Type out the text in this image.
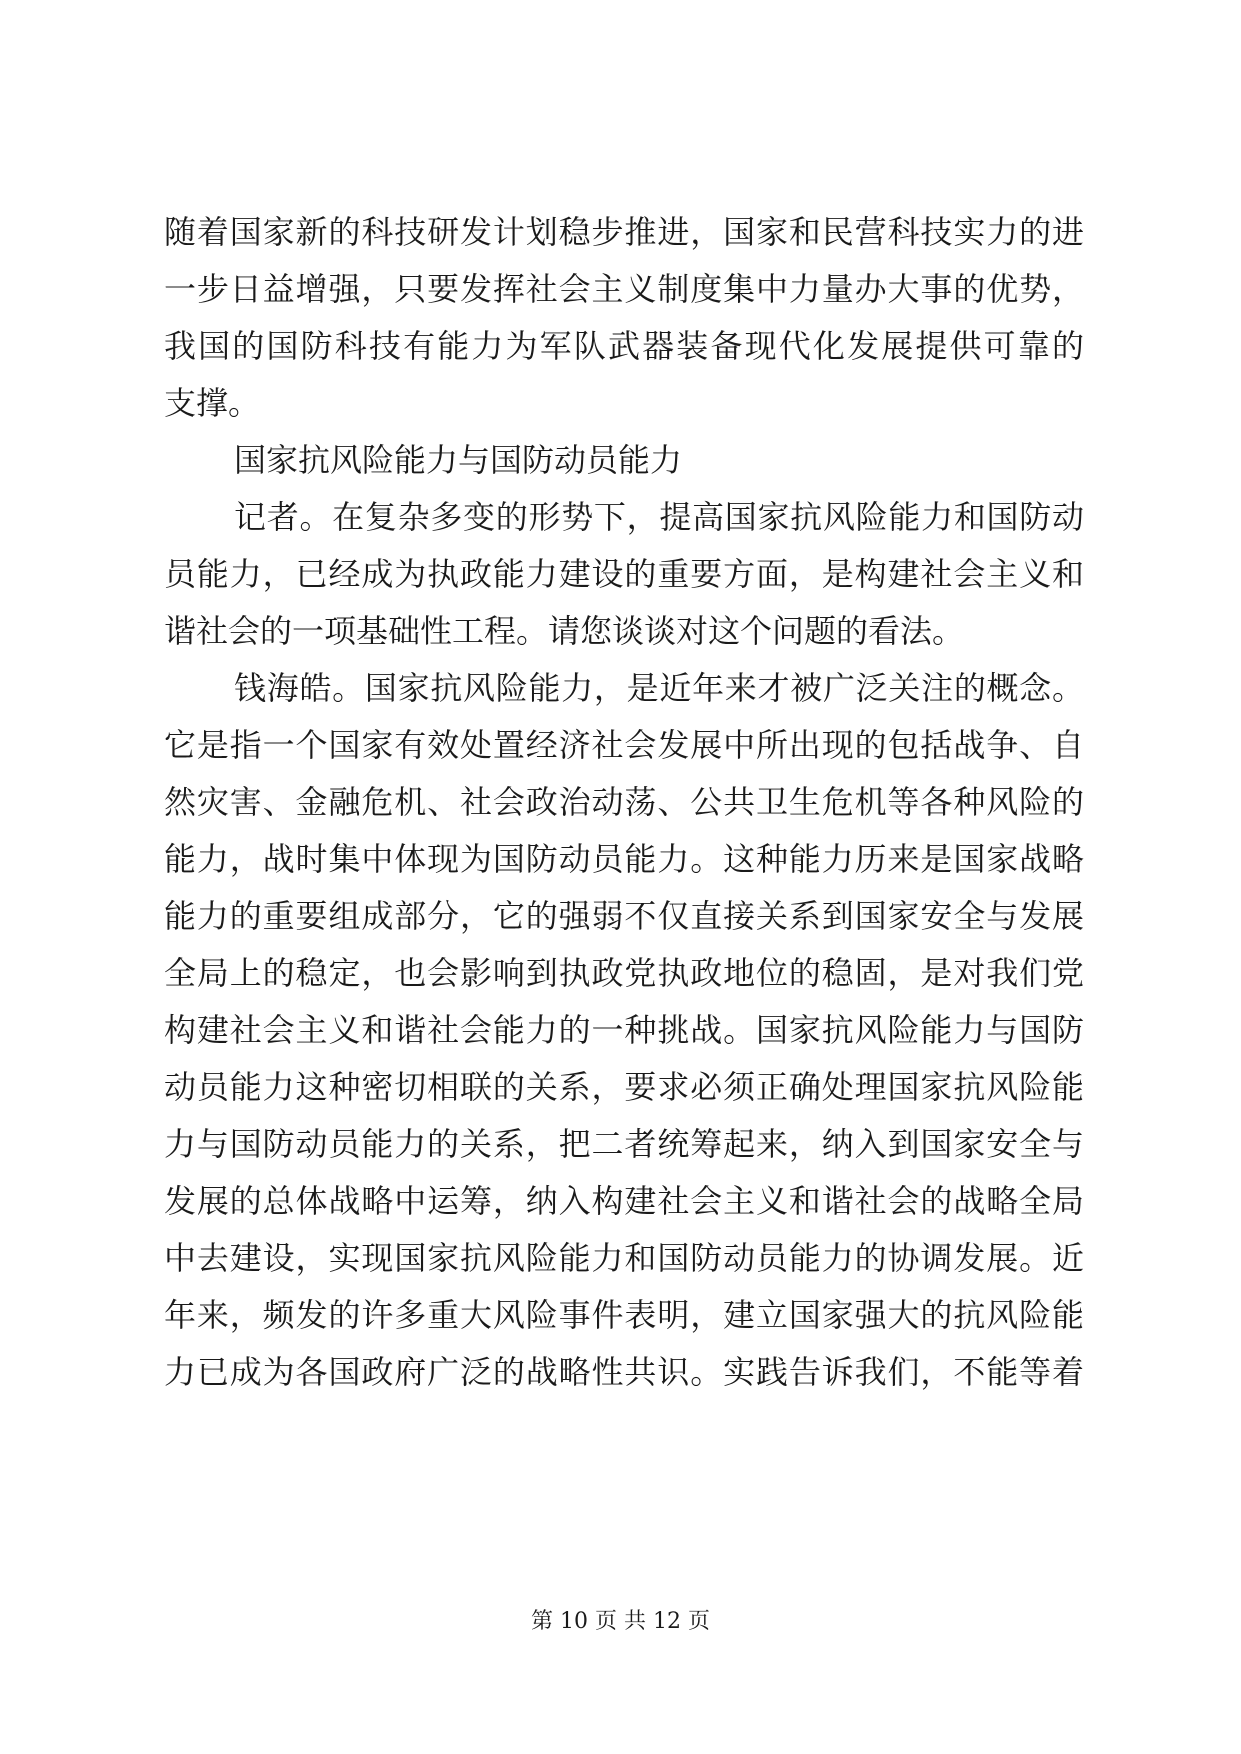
随着国家新的科技研发计划稳步推进，国家和民营科技实力的进
一步日益增强，只要发挥社会主义制度集中力量办大事的优势，
我国的国防科技有能力为军队武器装备现代化发展提供可靠的
支撑。
国家抗风险能力与国防动员能力
记者。在复杂多变的形势下，提高国家抗风险能力和国防动
员能力，已经成为执政能力建设的重要方面，是构建社会主义和
谐社会的一项基础性工程。请您谈谈对这个问题的看法。
钱海皓。国家抗风险能力，是近年来才被广泛关注的概念。
它是指一个国家有效处置经济社会发展中所出现的包括战争、自
然灾害、金融危机、社会政治动荡、公共卫生危机等各种风险的
能力，战时集中体现为国防动员能力。这种能力历来是国家战略
能力的重要组成部分，它的强弱不仅直接关系到国家安全与发展
全局上的稳定，也会影响到执政党执政地位的稳固，是对我们党
构建社会主义和谐社会能力的一种挑战。国家抗风险能力与国防
动员能力这种密切相联的关系，要求必须正确处理国家抗风险能
力与国防动员能力的关系，把二者统筹起来，纳入到国家安全与
发展的总体战略中运筹，纳入构建社会主义和谐社会的战略全局
中去建设，实现国家抗风险能力和国防动员能力的协调发展。近
年来，频发的许多重大风险事件表明，建立国家强大的抗风险能
力已成为各国政府广泛的战略性共识。实践告诉我们，不能等着
第 10 页 共 12 页
